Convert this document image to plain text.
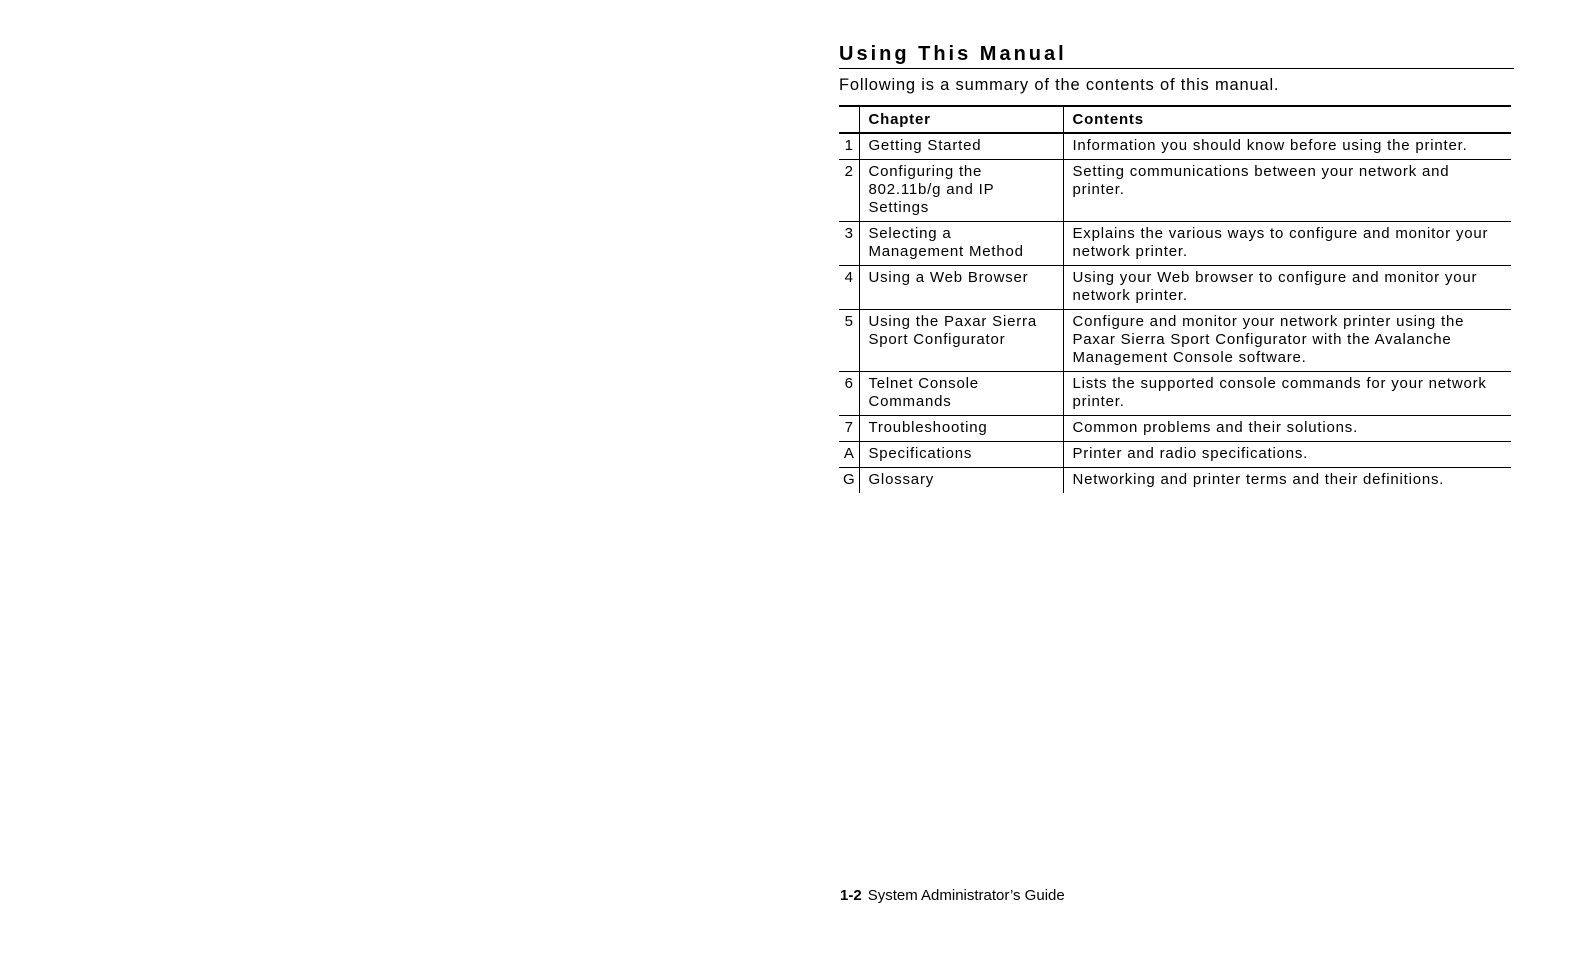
Using This Manual

Following is a summary of the contents of this manual.

	Chapter	Contents
1	Getting Started	Information you should know before using the printer.
2	Configuring the 802.11b/g and IP Settings	Setting communications between your network and printer.
3	Selecting a Management Method	Explains the various ways to configure and monitor your network printer.
4	Using a Web Browser	Using your Web browser to configure and monitor your network printer.
5	Using the Paxar Sierra Sport Configurator	Configure and monitor your network printer using the Paxar Sierra Sport Configurator with the Avalanche Management Console software.
6	Telnet Console Commands	Lists the supported console commands for your network printer.
7	Troubleshooting	Common problems and their solutions.
A	Specifications	Printer and radio specifications.
G	Glossary	Networking and printer terms and their definitions.
1-2 System Administrator’s Guide
